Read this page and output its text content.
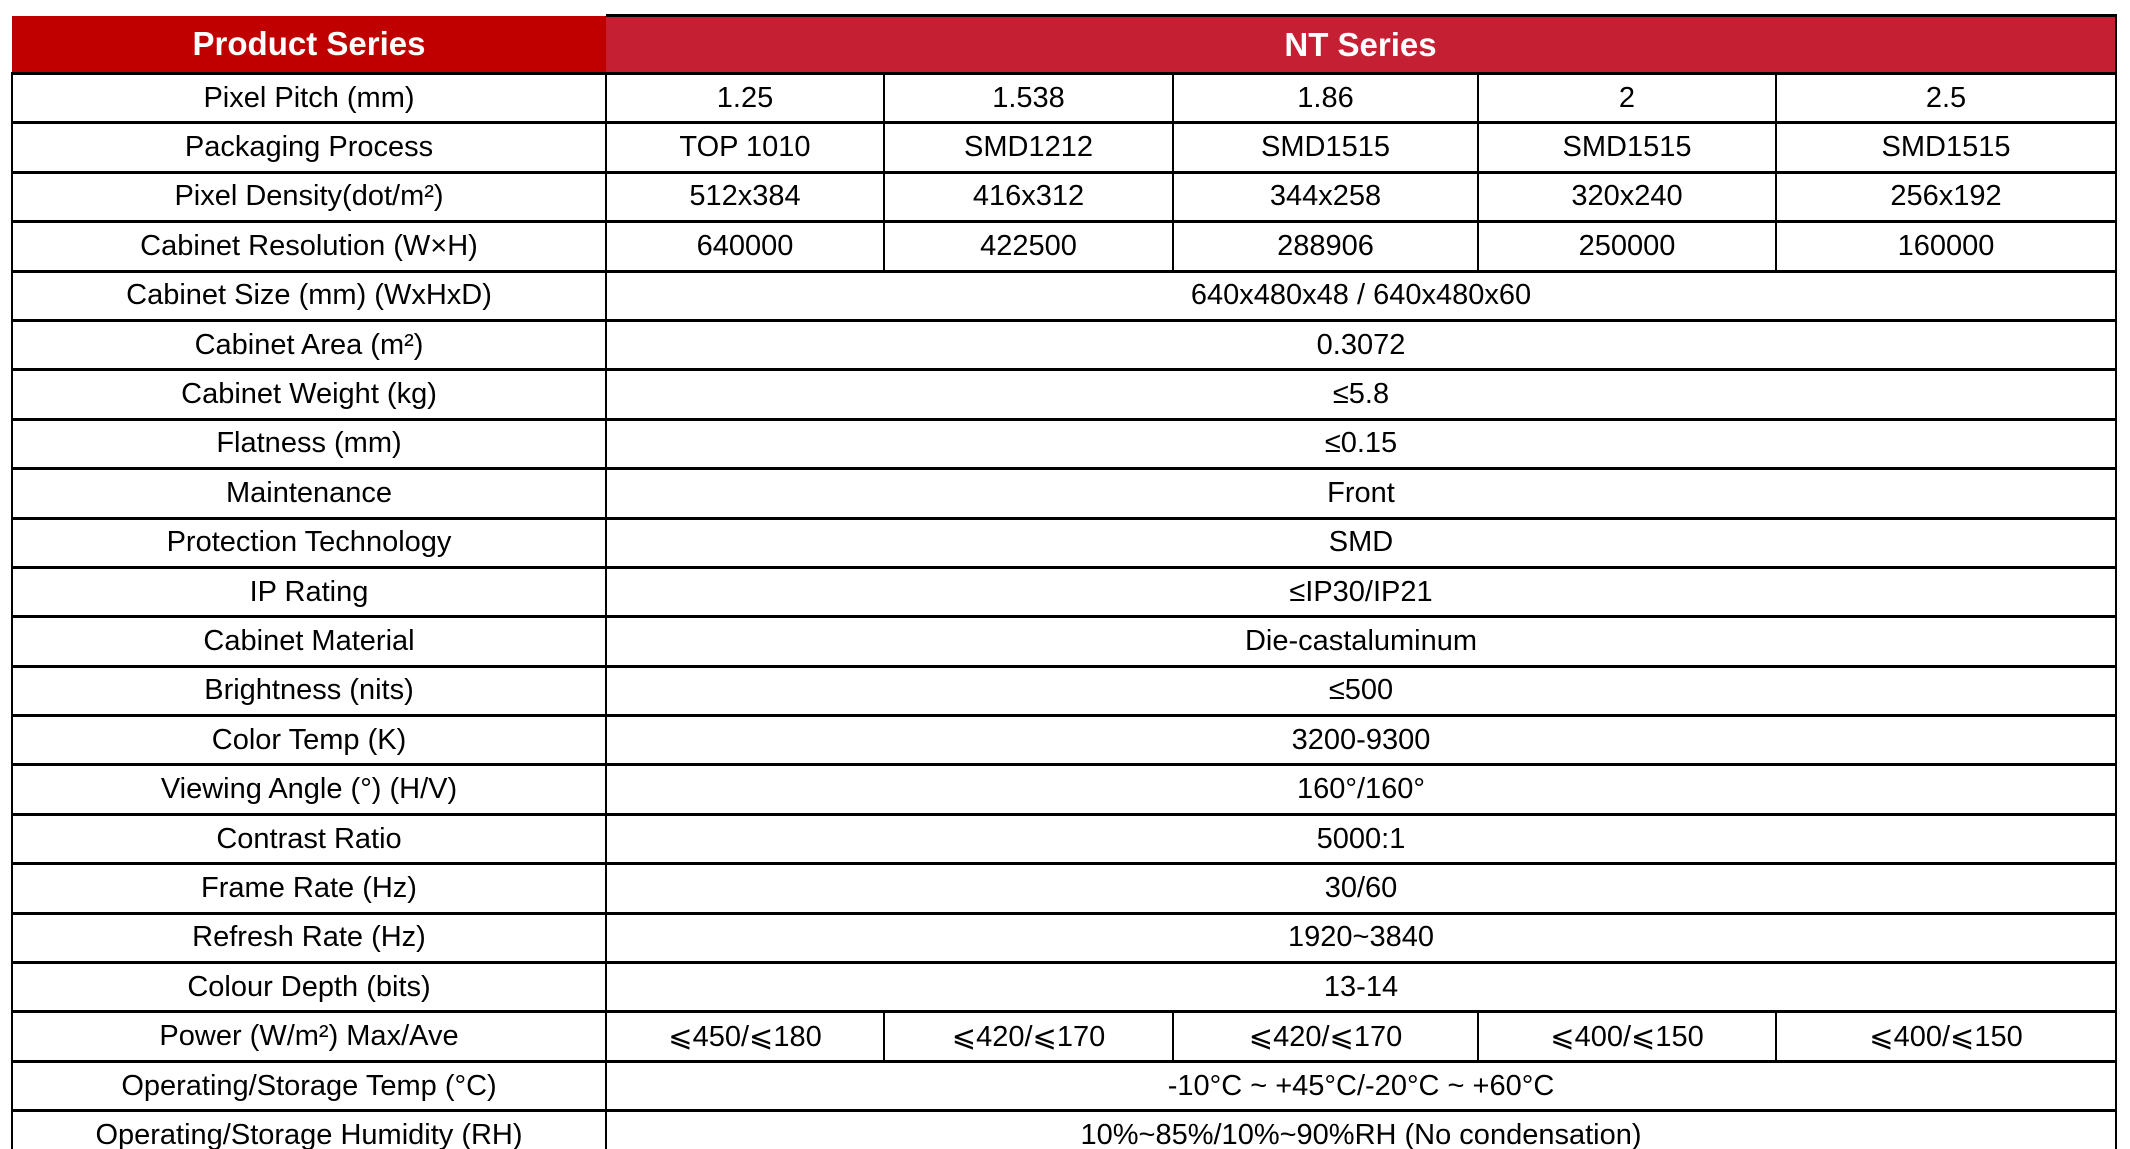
Product Series	NT Series				
Pixel Pitch (mm)	1.25	1.538	1.86	2	2.5
Packaging Process	TOP 1010	SMD1212	SMD1515	SMD1515	SMD1515
Pixel Density(dot/m²)	512x384	416x312	344x258	320x240	256x192
Cabinet Resolution (W×H)	640000	422500	288906	250000	160000
Cabinet Size (mm) (WxHxD)	640x480x48 / 640x480x60				
Cabinet Area (m²)	0.3072				
Cabinet Weight (kg)	≤5.8				
Flatness (mm)	≤0.15				
Maintenance	Front				
Protection Technology	SMD				
IP Rating	≤IP30/IP21				
Cabinet Material	Die-castaluminum				
Brightness (nits)	≤500				
Color Temp (K)	3200-9300				
Viewing Angle (°) (H/V)	160°/160°				
Contrast Ratio	5000:1				
Frame Rate (Hz)	30/60				
Refresh Rate (Hz)	1920~3840				
Colour Depth (bits)	13-14				
Power (W/m²) Max/Ave	⩽450/⩽180	⩽420/⩽170	⩽420/⩽170	⩽400/⩽150	⩽400/⩽150
Operating/Storage Temp (°C)	-10°C ~ +45°C/-20°C ~ +60°C				
Operating/Storage Humidity (RH)	10%~85%/10%~90%RH (No condensation)				
